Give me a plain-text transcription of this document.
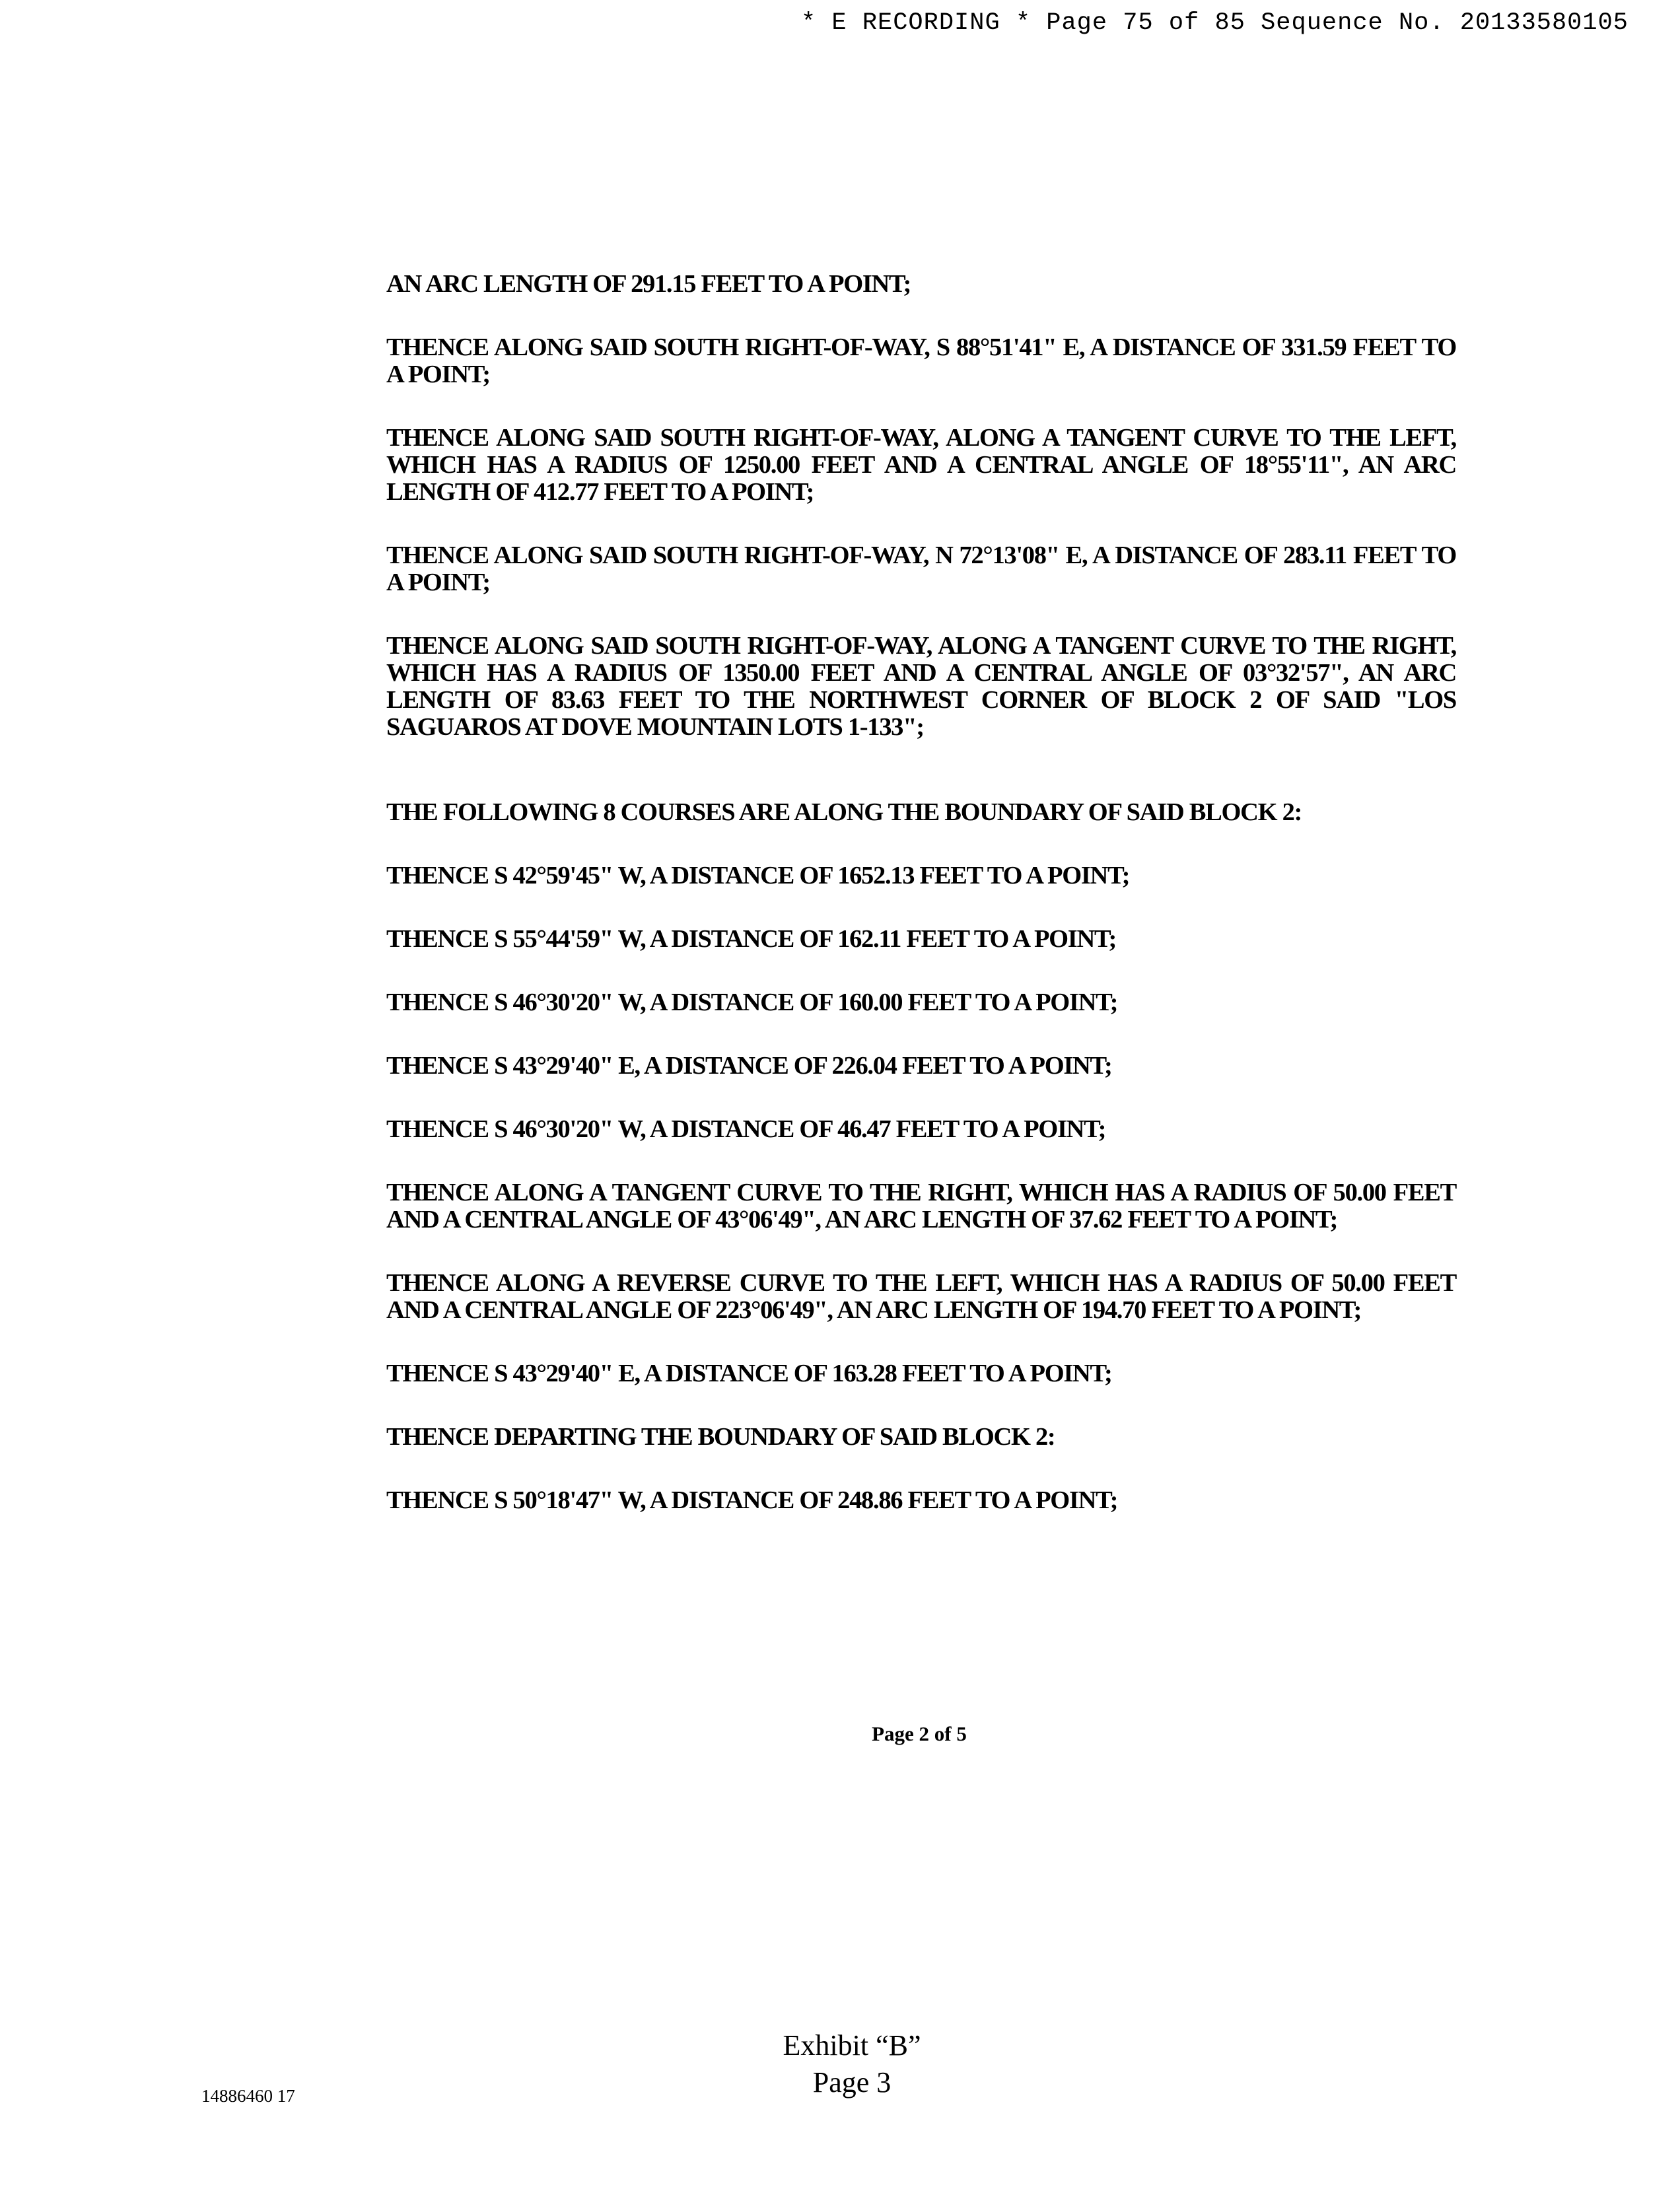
* E RECORDING * Page 75 of 85 Sequence No. 20133580105

AN ARC LENGTH OF 291.15 FEET TO A POINT;

THENCE ALONG SAID SOUTH RIGHT-OF-WAY, S 88°51'41" E, A DISTANCE OF 331.59 FEET TO A POINT;

THENCE ALONG SAID SOUTH RIGHT-OF-WAY, ALONG A TANGENT CURVE TO THE LEFT, WHICH HAS A RADIUS OF 1250.00 FEET AND A CENTRAL ANGLE OF 18°55'11", AN ARC LENGTH OF 412.77 FEET TO A POINT;

THENCE ALONG SAID SOUTH RIGHT-OF-WAY, N 72°13'08" E, A DISTANCE OF 283.11 FEET TO A POINT;

THENCE ALONG SAID SOUTH RIGHT-OF-WAY, ALONG A TANGENT CURVE TO THE RIGHT, WHICH HAS A RADIUS OF 1350.00 FEET AND A CENTRAL ANGLE OF 03°32'57", AN ARC LENGTH OF 83.63 FEET TO THE NORTHWEST CORNER OF BLOCK 2 OF SAID "LOS SAGUAROS AT DOVE MOUNTAIN LOTS 1-133";

THE FOLLOWING 8 COURSES ARE ALONG THE BOUNDARY OF SAID BLOCK 2:

THENCE S 42°59'45" W, A DISTANCE OF 1652.13 FEET TO A POINT;

THENCE S 55°44'59" W, A DISTANCE OF 162.11 FEET TO A POINT;

THENCE S 46°30'20" W, A DISTANCE OF 160.00 FEET TO A POINT;

THENCE S 43°29'40" E, A DISTANCE OF 226.04 FEET TO A POINT;

THENCE S 46°30'20" W, A DISTANCE OF 46.47 FEET TO A POINT;

THENCE ALONG A TANGENT CURVE TO THE RIGHT, WHICH HAS A RADIUS OF 50.00 FEET AND A CENTRAL ANGLE OF 43°06'49", AN ARC LENGTH OF 37.62 FEET TO A POINT;

THENCE ALONG A REVERSE CURVE TO THE LEFT, WHICH HAS A RADIUS OF 50.00 FEET AND A CENTRAL ANGLE OF 223°06'49", AN ARC LENGTH OF 194.70 FEET TO A POINT;

THENCE S 43°29'40" E, A DISTANCE OF 163.28 FEET TO A POINT;

THENCE DEPARTING THE BOUNDARY OF SAID BLOCK 2:

THENCE S 50°18'47" W, A DISTANCE OF 248.86 FEET TO A POINT;

Page 2 of 5
Exhibit “B”
Page 3
14886460 17
